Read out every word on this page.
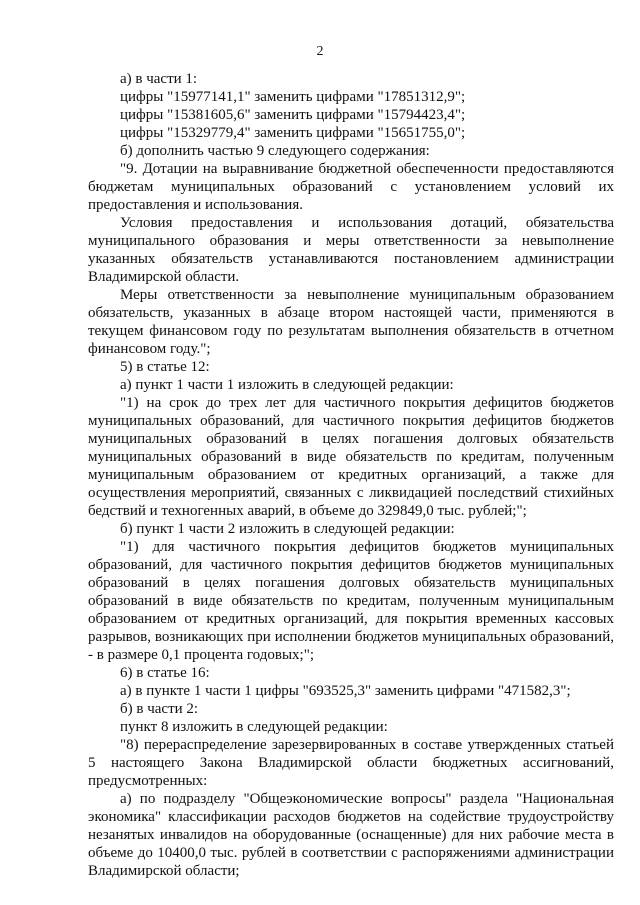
2

а) в части 1:

цифры "15977141,1" заменить цифрами "17851312,9";

цифры "15381605,6" заменить цифрами "15794423,4";

цифры "15329779,4" заменить цифрами "15651755,0";

б) дополнить частью 9 следующего содержания:

"9. Дотации на выравнивание бюджетной обеспеченности предоставляются бюджетам муниципальных образований с установлением условий их предоставления и использования.

Условия предоставления и использования дотаций, обязательства муниципального образования и меры ответственности за невыполнение указанных обязательств устанавливаются постановлением администрации Владимирской области.

Меры ответственности за невыполнение муниципальным образованием обязательств, указанных в абзаце втором настоящей части, применяются в текущем финансовом году по результатам выполнения обязательств в отчетном финансовом году.";

5) в статье 12:

а) пункт 1 части 1 изложить в следующей редакции:

"1) на срок до трех лет для частичного покрытия дефицитов бюджетов муниципальных образований, для частичного покрытия дефицитов бюджетов муниципальных образований в целях погашения долговых обязательств муниципальных образований в виде обязательств по кредитам, полученным муниципальным образованием от кредитных организаций, а также для осуществления мероприятий, связанных с ликвидацией последствий стихийных бедствий и техногенных аварий, в объеме до 329849,0 тыс. рублей;";

б) пункт 1 части 2 изложить в следующей редакции:

"1) для частичного покрытия дефицитов бюджетов муниципальных образований, для частичного покрытия дефицитов бюджетов муниципальных образований в целях погашения долговых обязательств муниципальных образований в виде обязательств по кредитам, полученным муниципальным образованием от кредитных организаций, для покрытия временных кассовых разрывов, возникающих при исполнении бюджетов муниципальных образований, - в размере 0,1 процента годовых;";

6) в статье 16:

а) в пункте 1 части 1 цифры "693525,3" заменить цифрами "471582,3";

б) в части 2:

пункт 8 изложить в следующей редакции:

"8) перераспределение зарезервированных в составе утвержденных статьей 5 настоящего Закона Владимирской области бюджетных ассигнований, предусмотренных:

а) по подразделу "Общеэкономические вопросы" раздела "Национальная экономика" классификации расходов бюджетов на содействие трудоустройству незанятых инвалидов на оборудованные (оснащенные) для них рабочие места в объеме до 10400,0 тыс. рублей в соответствии с распоряжениями администрации Владимирской области;
